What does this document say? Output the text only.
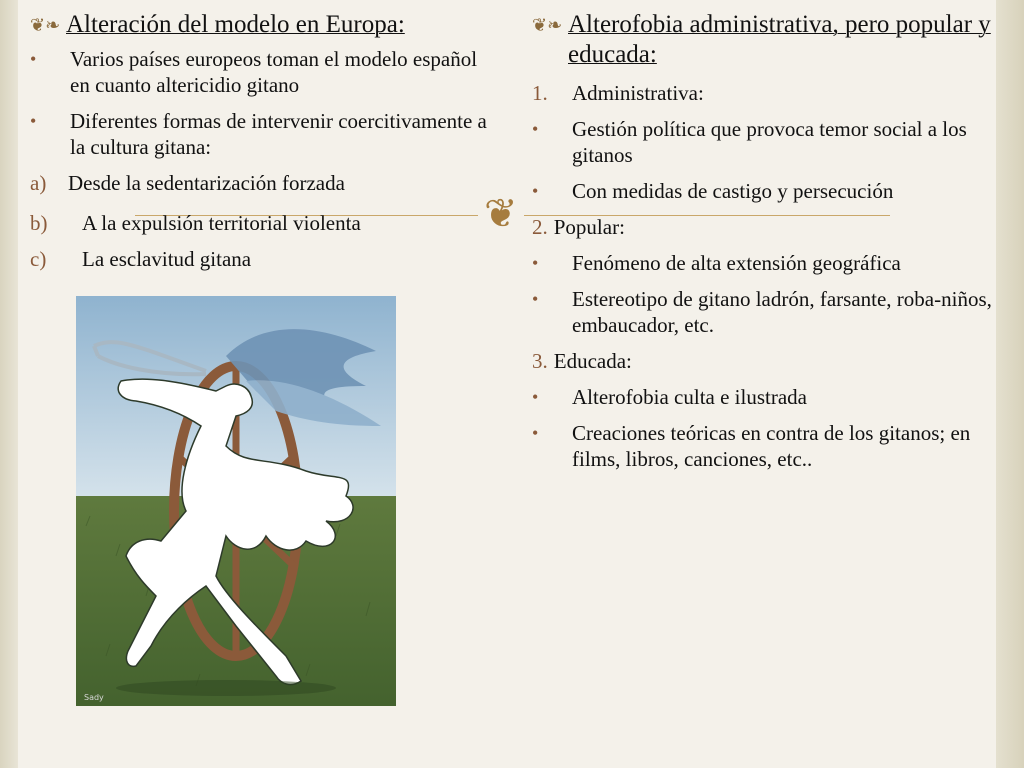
❦
❦❧ Alteración del modelo en Europa:
•	Varios países europeos toman el modelo español en cuanto altericidio gitano
•	Diferentes formas de intervenir coercitivamente a la cultura gitana:
a)	Desde la sedentarización forzada
b)	A la expulsión territorial violenta
c)	La esclavitud gitana
Sady
❦❧ Alterofobia administrativa, pero popular y educada:
1.	Administrativa:
•	Gestión política que provoca temor social a los gitanos
•	Con medidas de castigo y persecución
2. Popular:
•	Fenómeno de alta extensión geográfica
•	Estereotipo de gitano ladrón, farsante, roba-niños, embaucador, etc.
3. Educada:
•	Alterofobia culta e ilustrada
•	Creaciones teóricas en contra de los gitanos; en films, libros, canciones, etc..
